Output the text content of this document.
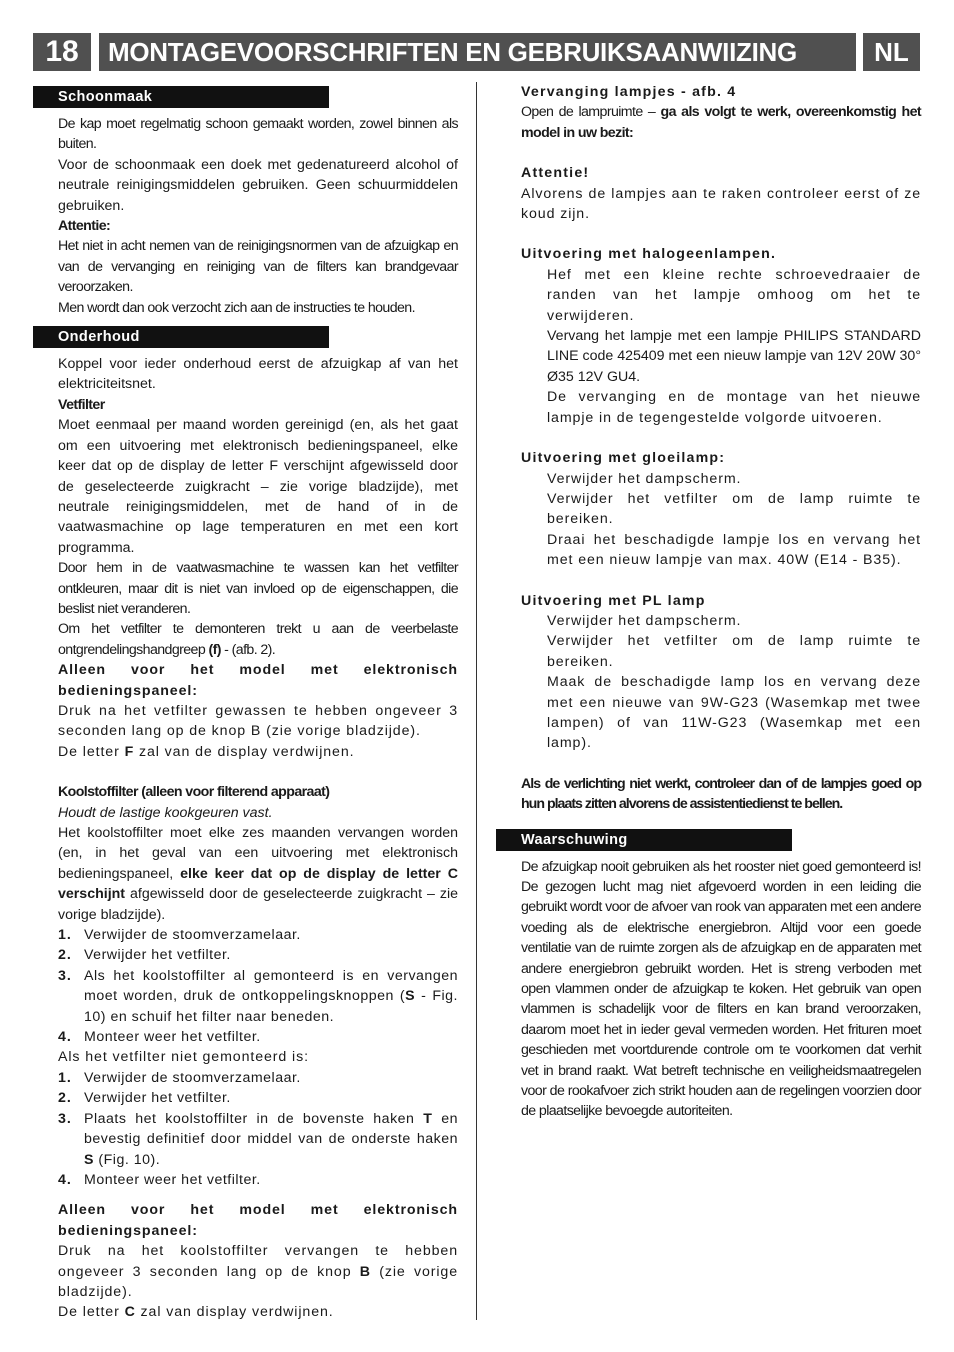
18	MONTAGEVOORSCHRIFTEN EN GEBRUIKSAANWIIZING	NL
Schoonmaak

De kap moet regelmatig schoon gemaakt worden, zowel binnen als buiten.

Voor de schoonmaak een doek met gedenatureerd alcohol of neutrale reinigingsmiddelen gebruiken. Geen schuurmiddelen gebruiken.

Attentie:

Het niet in acht nemen van de reinigingsnormen van de afzuigkap en van de vervanging en reiniging van de filters kan brandgevaar veroorzaken.

Men wordt dan ook verzocht zich aan de instructies te houden.

Onderhoud

Koppel voor ieder onderhoud eerst de afzuigkap af van het elektriciteitsnet.

Vetfilter

Moet eenmaal per maand worden gereinigd (en, als het gaat om een uitvoering met elektronisch bedieningspaneel, elke keer dat op de display de letter F verschijnt afgewisseld door de geselecteerde zuigkracht – zie vorige bladzijde), met neutrale reinigingsmiddelen, met de hand of in de vaatwasmachine op lage temperaturen en met een kort programma.

Door hem in de vaatwasmachine te wassen kan het vetfilter ontkleuren, maar dit is niet van invloed op de eigenschappen, die beslist niet veranderen.

Om het vetfilter te demonteren trekt u aan de veerbelaste ontgrendelingshandgreep (f) - (afb. 2).

Alleen voor het model met elektronisch bedieningspaneel:

Druk na het vetfilter gewassen te hebben ongeveer 3 seconden lang op de knop B (zie vorige bladzijde).

De letter F zal van de display verdwijnen.

Koolstoffilter (alleen voor filterend apparaat)

Houdt de lastige kookgeuren vast.

Het koolstoffilter moet elke zes maanden vervangen worden (en, in het geval van een uitvoering met elektronisch bedieningspaneel, elke keer dat op de display de letter C verschijnt afgewisseld door de geselecteerde zuigkracht – zie vorige bladzijde).

1. Verwijder de stoomverzamelaar.
2. Verwijder het vetfilter.
3. Als het koolstoffilter al gemonteerd is en vervangen moet worden, druk de ontkoppelingsknoppen (S - Fig. 10) en schuif het filter naar beneden.
4. Monteer weer het vetfilter.

Als het vetfilter niet gemonteerd is:

1. Verwijder de stoomverzamelaar.
2. Verwijder het vetfilter.
3. Plaats het koolstoffilter in de bovenste haken T en bevestig definitief door middel van de onderste haken S (Fig. 10).
4. Monteer weer het vetfilter.

Alleen voor het model met elektronisch bedieningspaneel:

Druk na het koolstoffilter vervangen te hebben ongeveer 3 seconden lang op de knop B (zie vorige bladzijde).

De letter C zal van display verdwijnen.

Vervanging lampjes - afb. 4

Open de lampruimte – ga als volgt te werk, overeenkomstig het model in uw bezit:

Attentie!

Alvorens de lampjes aan te raken controleer eerst of ze koud zijn.

Uitvoering met halogeenlampen.

Hef met een kleine rechte schroevedraaier de randen van het lampje omhoog om het te verwijderen.

Vervang het lampje met een lampje PHILIPS STANDARD LINE code 425409 met een nieuw lampje van 12V 20W 30° Ø35 12V GU4.

De vervanging en de montage van het nieuwe lampje in de tegengestelde volgorde uitvoeren.

Uitvoering met gloeilamp:

Verwijder het dampscherm.

Verwijder het vetfilter om de lamp ruimte te bereiken.

Draai het beschadigde lampje los en vervang het met een nieuw lampje van max. 40W (E14 - B35).

Uitvoering met PL lamp

Verwijder het dampscherm.

Verwijder het vetfilter om de lamp ruimte te bereiken.

Maak de beschadigde lamp los en vervang deze met een nieuwe van 9W-G23 (Wasemkap met twee lampen) of van 11W-G23 (Wasemkap met een lamp).

Als de verlichting niet werkt, controleer dan of de lampjes goed op hun plaats zitten alvorens de assistentiedienst te bellen.

Waarschuwing

De afzuigkap nooit gebruiken als het rooster niet goed gemonteerd is! De gezogen lucht mag niet afgevoerd worden in een leiding die gebruikt wordt voor de afvoer van rook van apparaten met een andere voeding als de elektrische energiebron. Altijd voor een goede ventilatie van de ruimte zorgen als de afzuigkap en de apparaten met andere energiebron gebruikt worden. Het is streng verboden met open vlammen onder de afzuigkap te koken. Het gebruik van open vlammen is schadelijk voor de filters en kan brand veroorzaken, daarom moet het in ieder geval vermeden worden. Het frituren moet geschieden met voortdurende controle om te voorkomen dat verhit vet in brand raakt. Wat betreft technische en veiligheidsmaatregelen voor de rookafvoer zich strikt houden aan de regelingen voorzien door de plaatselijke bevoegde autoriteiten.
